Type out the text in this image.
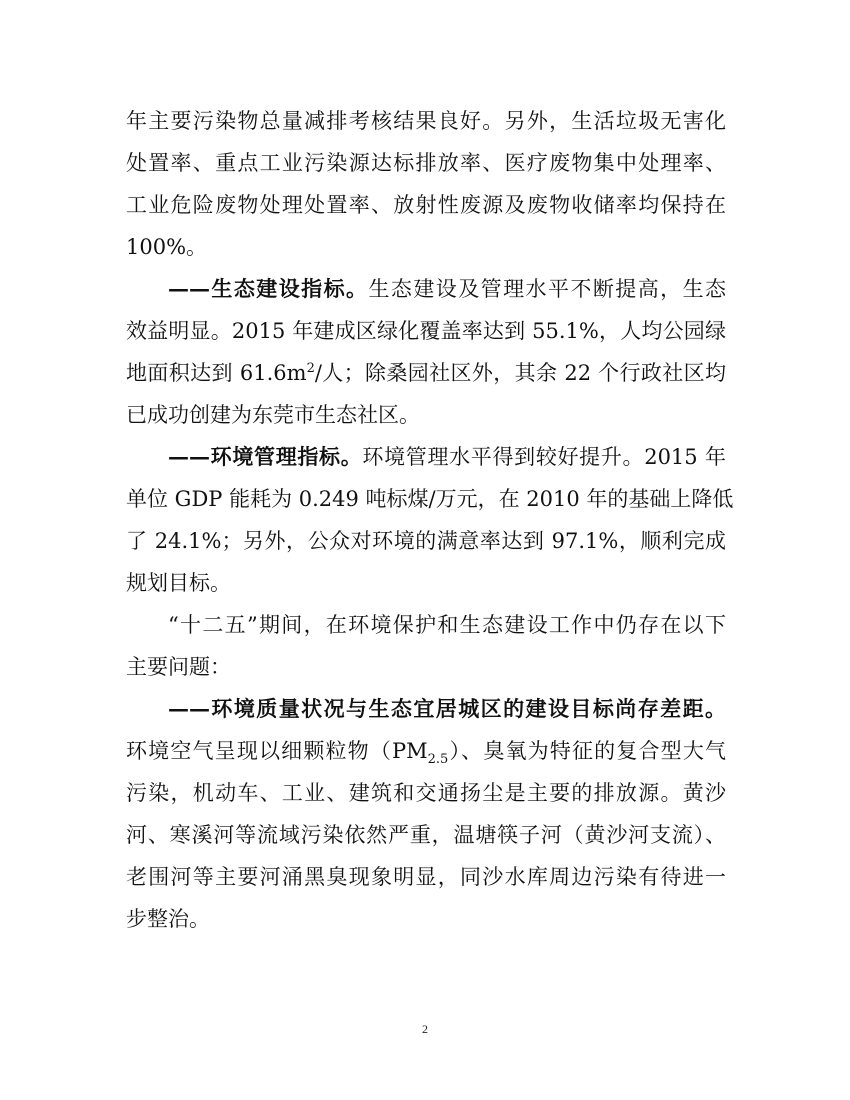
年主要污染物总量减排考核结果良好。另外，生活垃圾无害化
处置率、重点工业污染源达标排放率、医疗废物集中处理率、
工业危险废物处理处置率、放射性废源及废物收储率均保持在
100%。
——生态建设指标。生态建设及管理水平不断提高，生态
效益明显。2015 年建成区绿化覆盖率达到 55.1%，人均公园绿
地面积达到 $61.6m^2/$人；除桑园社区外，其余 22 个行政社区均
已成功创建为东莞市生态社区。
——环境管理指标。环境管理水平得到较好提升。2015 年
单位 GDP 能耗为 0.249 吨标煤/万元，在 2010 年的基础上降低
了 24.1%；另外，公众对环境的满意率达到 97.1%，顺利完成
规划目标。
“十二五”期间，在环境保护和生态建设工作中仍存在以下
主要问题：
——环境质量状况与生态宜居城区的建设目标尚存差距。
环境空气呈现以细颗粒物$(PM_{2.5})$、臭氧为特征的复合型大气
污染，机动车、工业、建筑和交通扬尘是主要的排放源。黄沙
河、寒溪河等流域污染依然严重，温塘筷子河（黄沙河支流）、
老围河等主要河涌黑臭现象明显，同沙水库周边污染有待进一
步整治。
2
